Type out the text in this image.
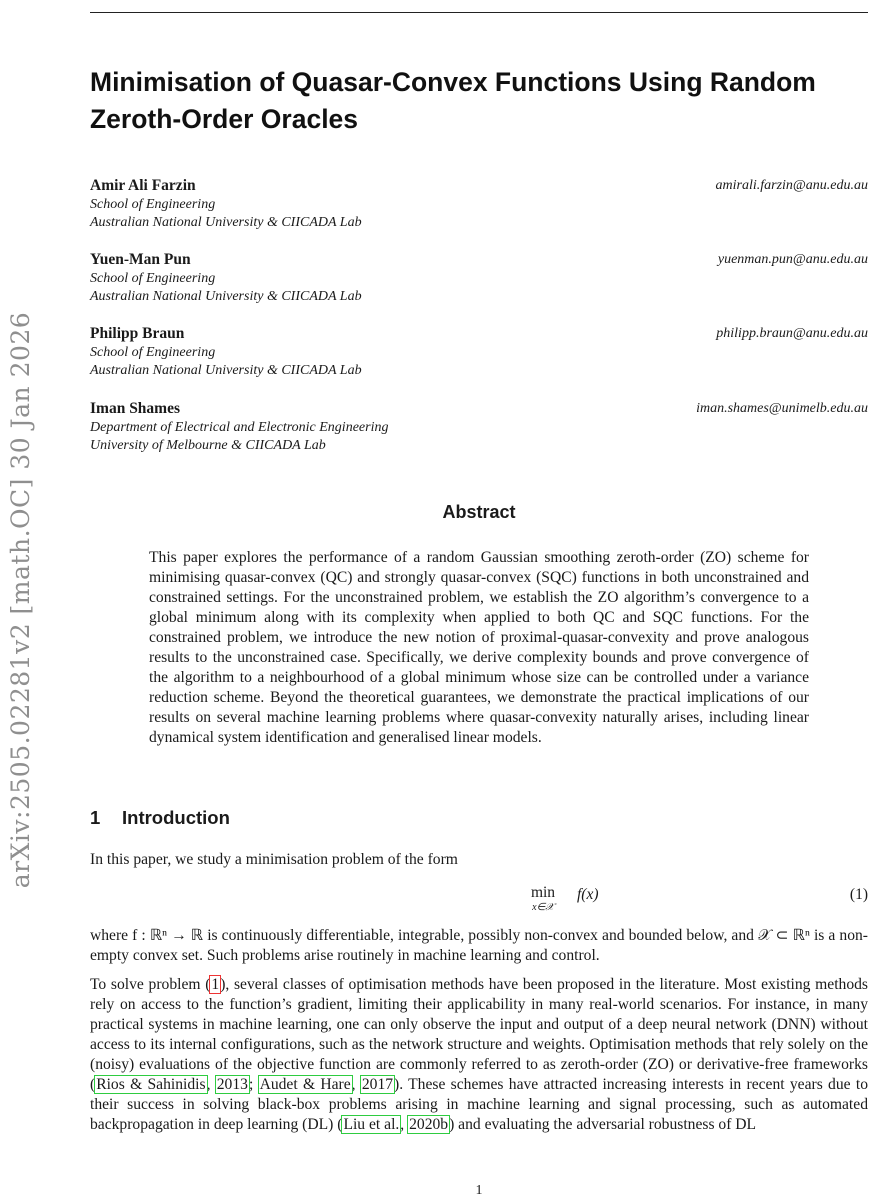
arXiv:2505.02281v2 [math.OC] 30 Jan 2026
Minimisation of Quasar-Convex Functions Using Random Zeroth-Order Oracles
Amir Ali Farzin	amirali.farzin@anu.edu.au
School of Engineering
Australian National University & CIICADA Lab
Yuen-Man Pun	yuenman.pun@anu.edu.au
School of Engineering
Australian National University & CIICADA Lab
Philipp Braun	philipp.braun@anu.edu.au
School of Engineering
Australian National University & CIICADA Lab
Iman Shames	iman.shames@unimelb.edu.au
Department of Electrical and Electronic Engineering
University of Melbourne & CIICADA Lab
Abstract
This paper explores the performance of a random Gaussian smoothing zeroth-order (ZO) scheme for minimising quasar-convex (QC) and strongly quasar-convex (SQC) functions in both unconstrained and constrained settings. For the unconstrained problem, we establish the ZO algorithm’s convergence to a global minimum along with its complexity when applied to both QC and SQC functions. For the constrained problem, we introduce the new notion of proximal-quasar-convexity and prove analogous results to the unconstrained case. Specifically, we derive complexity bounds and prove convergence of the algorithm to a neighbourhood of a global minimum whose size can be controlled under a variance reduction scheme. Beyond the theoretical guarantees, we demonstrate the practical implications of our results on several machine learning problems where quasar-convexity naturally arises, including linear dynamical system identification and generalised linear models.
1 Introduction
In this paper, we study a minimisation problem of the form
min
x∈𝒳
f(x)	(1)
where f : ℝⁿ → ℝ is continuously differentiable, integrable, possibly non-convex and bounded below, and 𝒳 ⊂ ℝⁿ is a non-empty convex set. Such problems arise routinely in machine learning and control.
To solve problem (1), several classes of optimisation methods have been proposed in the literature. Most existing methods rely on access to the function’s gradient, limiting their applicability in many real-world scenarios. For instance, in many practical systems in machine learning, one can only observe the input and output of a deep neural network (DNN) without access to its internal configurations, such as the network structure and weights. Optimisation methods that rely solely on the (noisy) evaluations of the objective function are commonly referred to as zeroth-order (ZO) or derivative-free frameworks (Rios & Sahinidis, 2013; Audet & Hare, 2017). These schemes have attracted increasing interests in recent years due to their success in solving black-box problems arising in machine learning and signal processing, such as automated backpropagation in deep learning (DL) (Liu et al., 2020b) and evaluating the adversarial robustness of DL
1
